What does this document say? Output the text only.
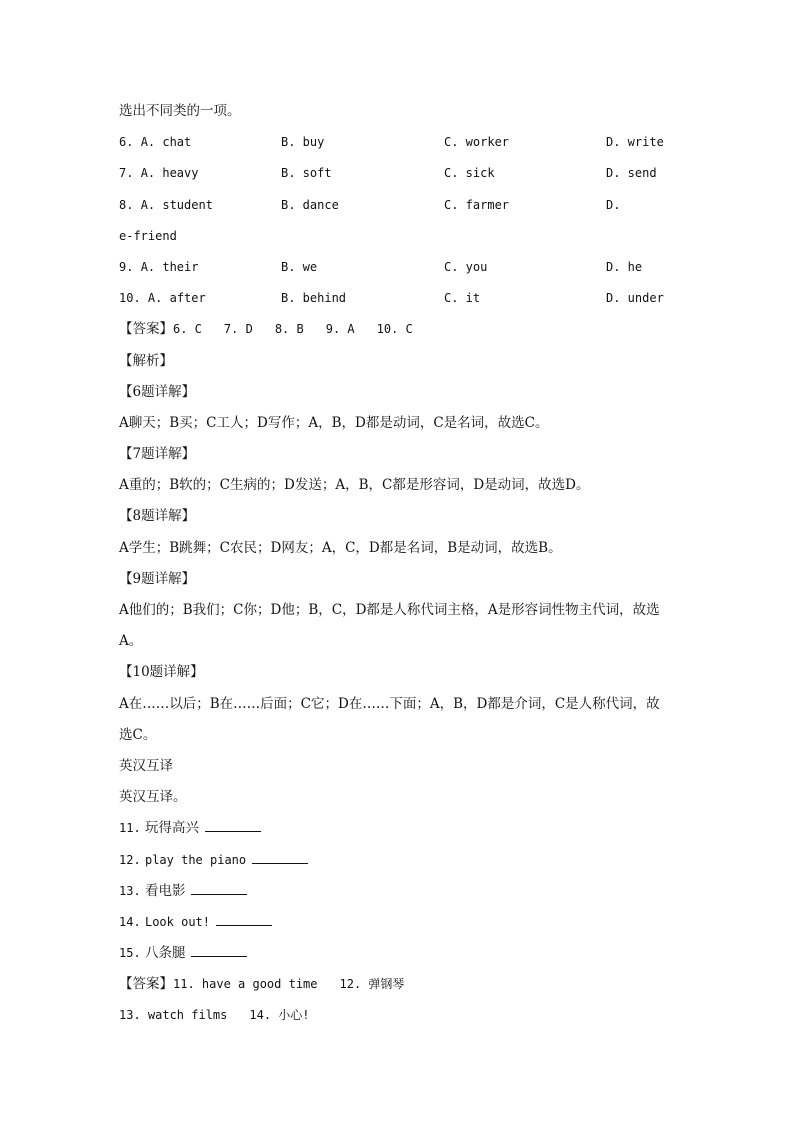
选出不同类的一项。
6. A. chat	B. buy	C. worker	D. write
7. A. heavy	B. soft	C. sick	D. send
8. A. student	B. dance	C. farmer	D.
e-friend
9. A. their	B. we	C. you	D. he
10. A. after	B. behind	C. it	D. under
【答案】6. C 7. D 8. B 9. A 10. C
【解析】
【6题详解】
A聊天；B买；C工人；D写作；A，B，D都是动词，C是名词，故选C。
【7题详解】
A重的；B软的；C生病的；D发送；A，B，C都是形容词，D是动词，故选D。
【8题详解】
A学生；B跳舞；C农民；D网友；A，C，D都是名词，B是动词，故选B。
【9题详解】
A他们的；B我们；C你；D他；B，C，D都是人称代词主格，A是形容词性物主代词，故选
A。
【10题详解】
A在……以后；B在……后面；C它；D在……下面；A，B，D都是介词，C是人称代词，故
选C。
英汉互译
英汉互译。
11. 玩得高兴
12. play the piano
13. 看电影
14. Look out!
15. 八条腿
【答案】11. have a good time 12. 弹钢琴
13. watch films 14. 小心!
